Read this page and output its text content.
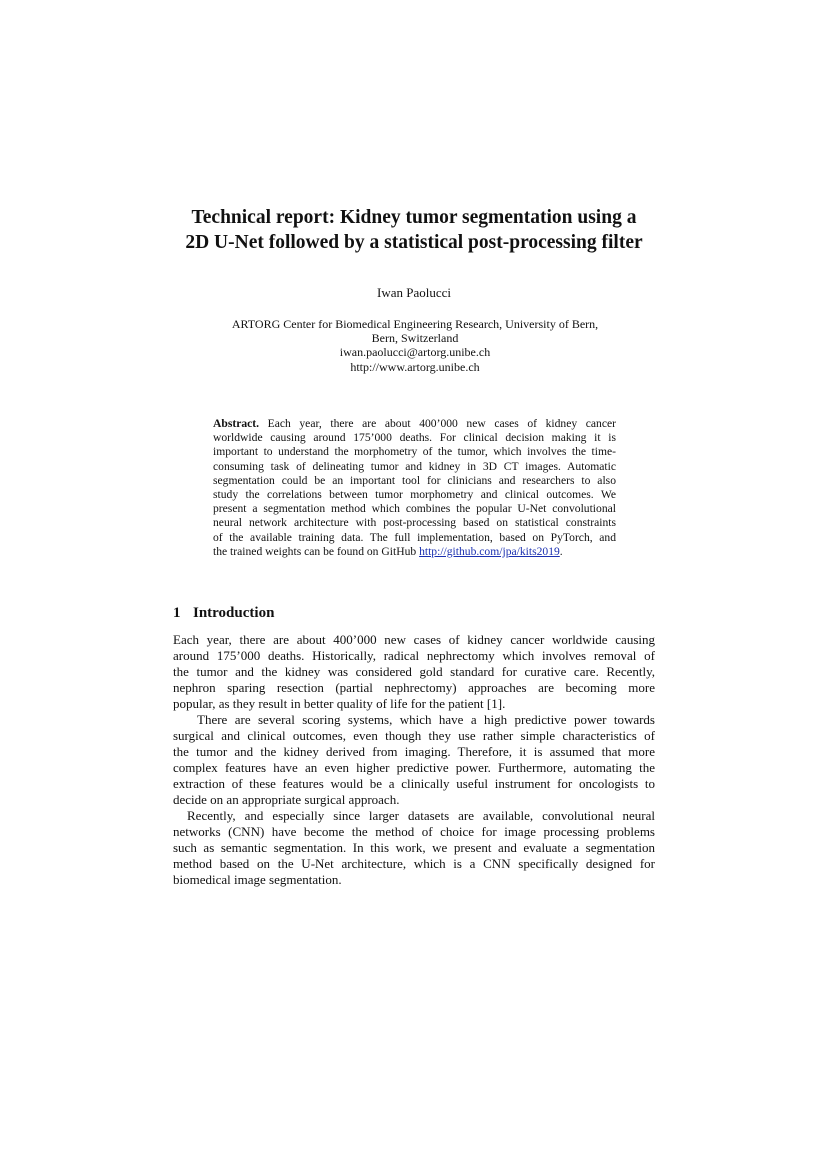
Technical report: Kidney tumor segmentation using a
2D U-Net followed by a statistical post-processing filter

Iwan Paolucci

ARTORG Center for Biomedical Engineering Research, University of Bern,
Bern, Switzerland
iwan.paolucci@artorg.unibe.ch
http://www.artorg.unibe.ch
Abstract. Each year, there are about 400’000 new cases of kidney cancer
worldwide causing around 175’000 deaths. For clinical decision making it is
important to understand the morphometry of the tumor, which involves the time-
consuming task of delineating tumor and kidney in 3D CT images. Automatic
segmentation could be an important tool for clinicians and researchers to also
study the correlations between tumor morphometry and clinical outcomes. We
present a segmentation method which combines the popular U-Net convolutional
neural network architecture with post-processing based on statistical constraints
of the available training data. The full implementation, based on PyTorch, and
the trained weights can be found on GitHub http://github.com/jpa/kits2019.
1 Introduction
Each year, there are about 400’000 new cases of kidney cancer worldwide causing
around 175’000 deaths. Historically, radical nephrectomy which involves removal of
the tumor and the kidney was considered gold standard for curative care. Recently,
nephron sparing resection (partial nephrectomy) approaches are becoming more
popular, as they result in better quality of life for the patient [1].
There are several scoring systems, which have a high predictive power towards
surgical and clinical outcomes, even though they use rather simple characteristics of
the tumor and the kidney derived from imaging. Therefore, it is assumed that more
complex features have an even higher predictive power. Furthermore, automating the
extraction of these features would be a clinically useful instrument for oncologists to
decide on an appropriate surgical approach.
Recently, and especially since larger datasets are available, convolutional neural
networks (CNN) have become the method of choice for image processing problems
such as semantic segmentation. In this work, we present and evaluate a segmentation
method based on the U-Net architecture, which is a CNN specifically designed for
biomedical image segmentation.
